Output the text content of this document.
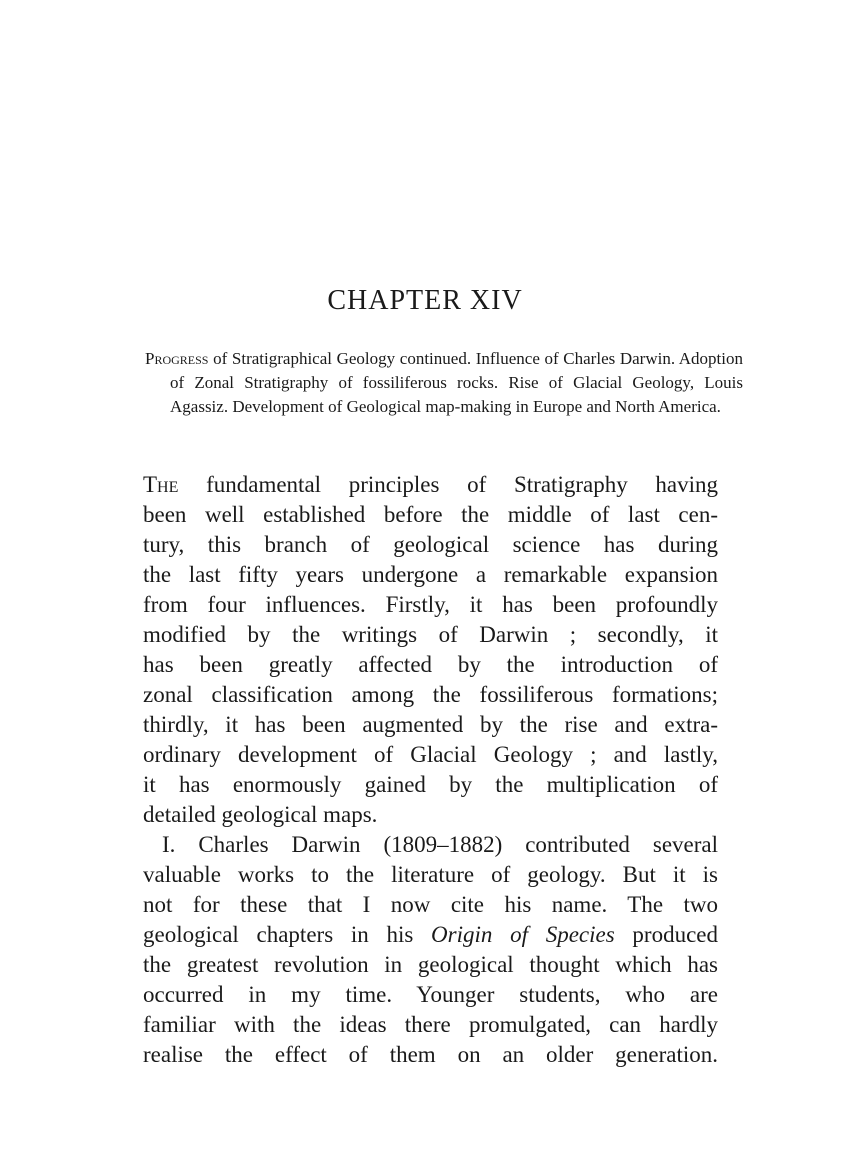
CHAPTER XIV

Progress of Stratigraphical Geology continued. Influence of Charles Darwin. Adoption of Zonal Stratigraphy of fossiliferous rocks. Rise of Glacial Geology, Louis Agassiz. Development of Geological map-making in Europe and North America.

The fundamental principles of Stratigraphy having
been well established before the middle of last cen-
tury, this branch of geological science has during
the last fifty years undergone a remarkable expansion
from four influences. Firstly, it has been profoundly
modified by the writings of Darwin ; secondly, it
has been greatly affected by the introduction of
zonal classification among the fossiliferous formations;
thirdly, it has been augmented by the rise and extra-
ordinary development of Glacial Geology ; and lastly,
it has enormously gained by the multiplication of
detailed geological maps.
I. Charles Darwin (1809–1882) contributed several
valuable works to the literature of geology. But it is
not for these that I now cite his name. The two
geological chapters in his Origin of Species produced
the greatest revolution in geological thought which has
occurred in my time. Younger students, who are
familiar with the ideas there promulgated, can hardly
realise the effect of them on an older generation.
